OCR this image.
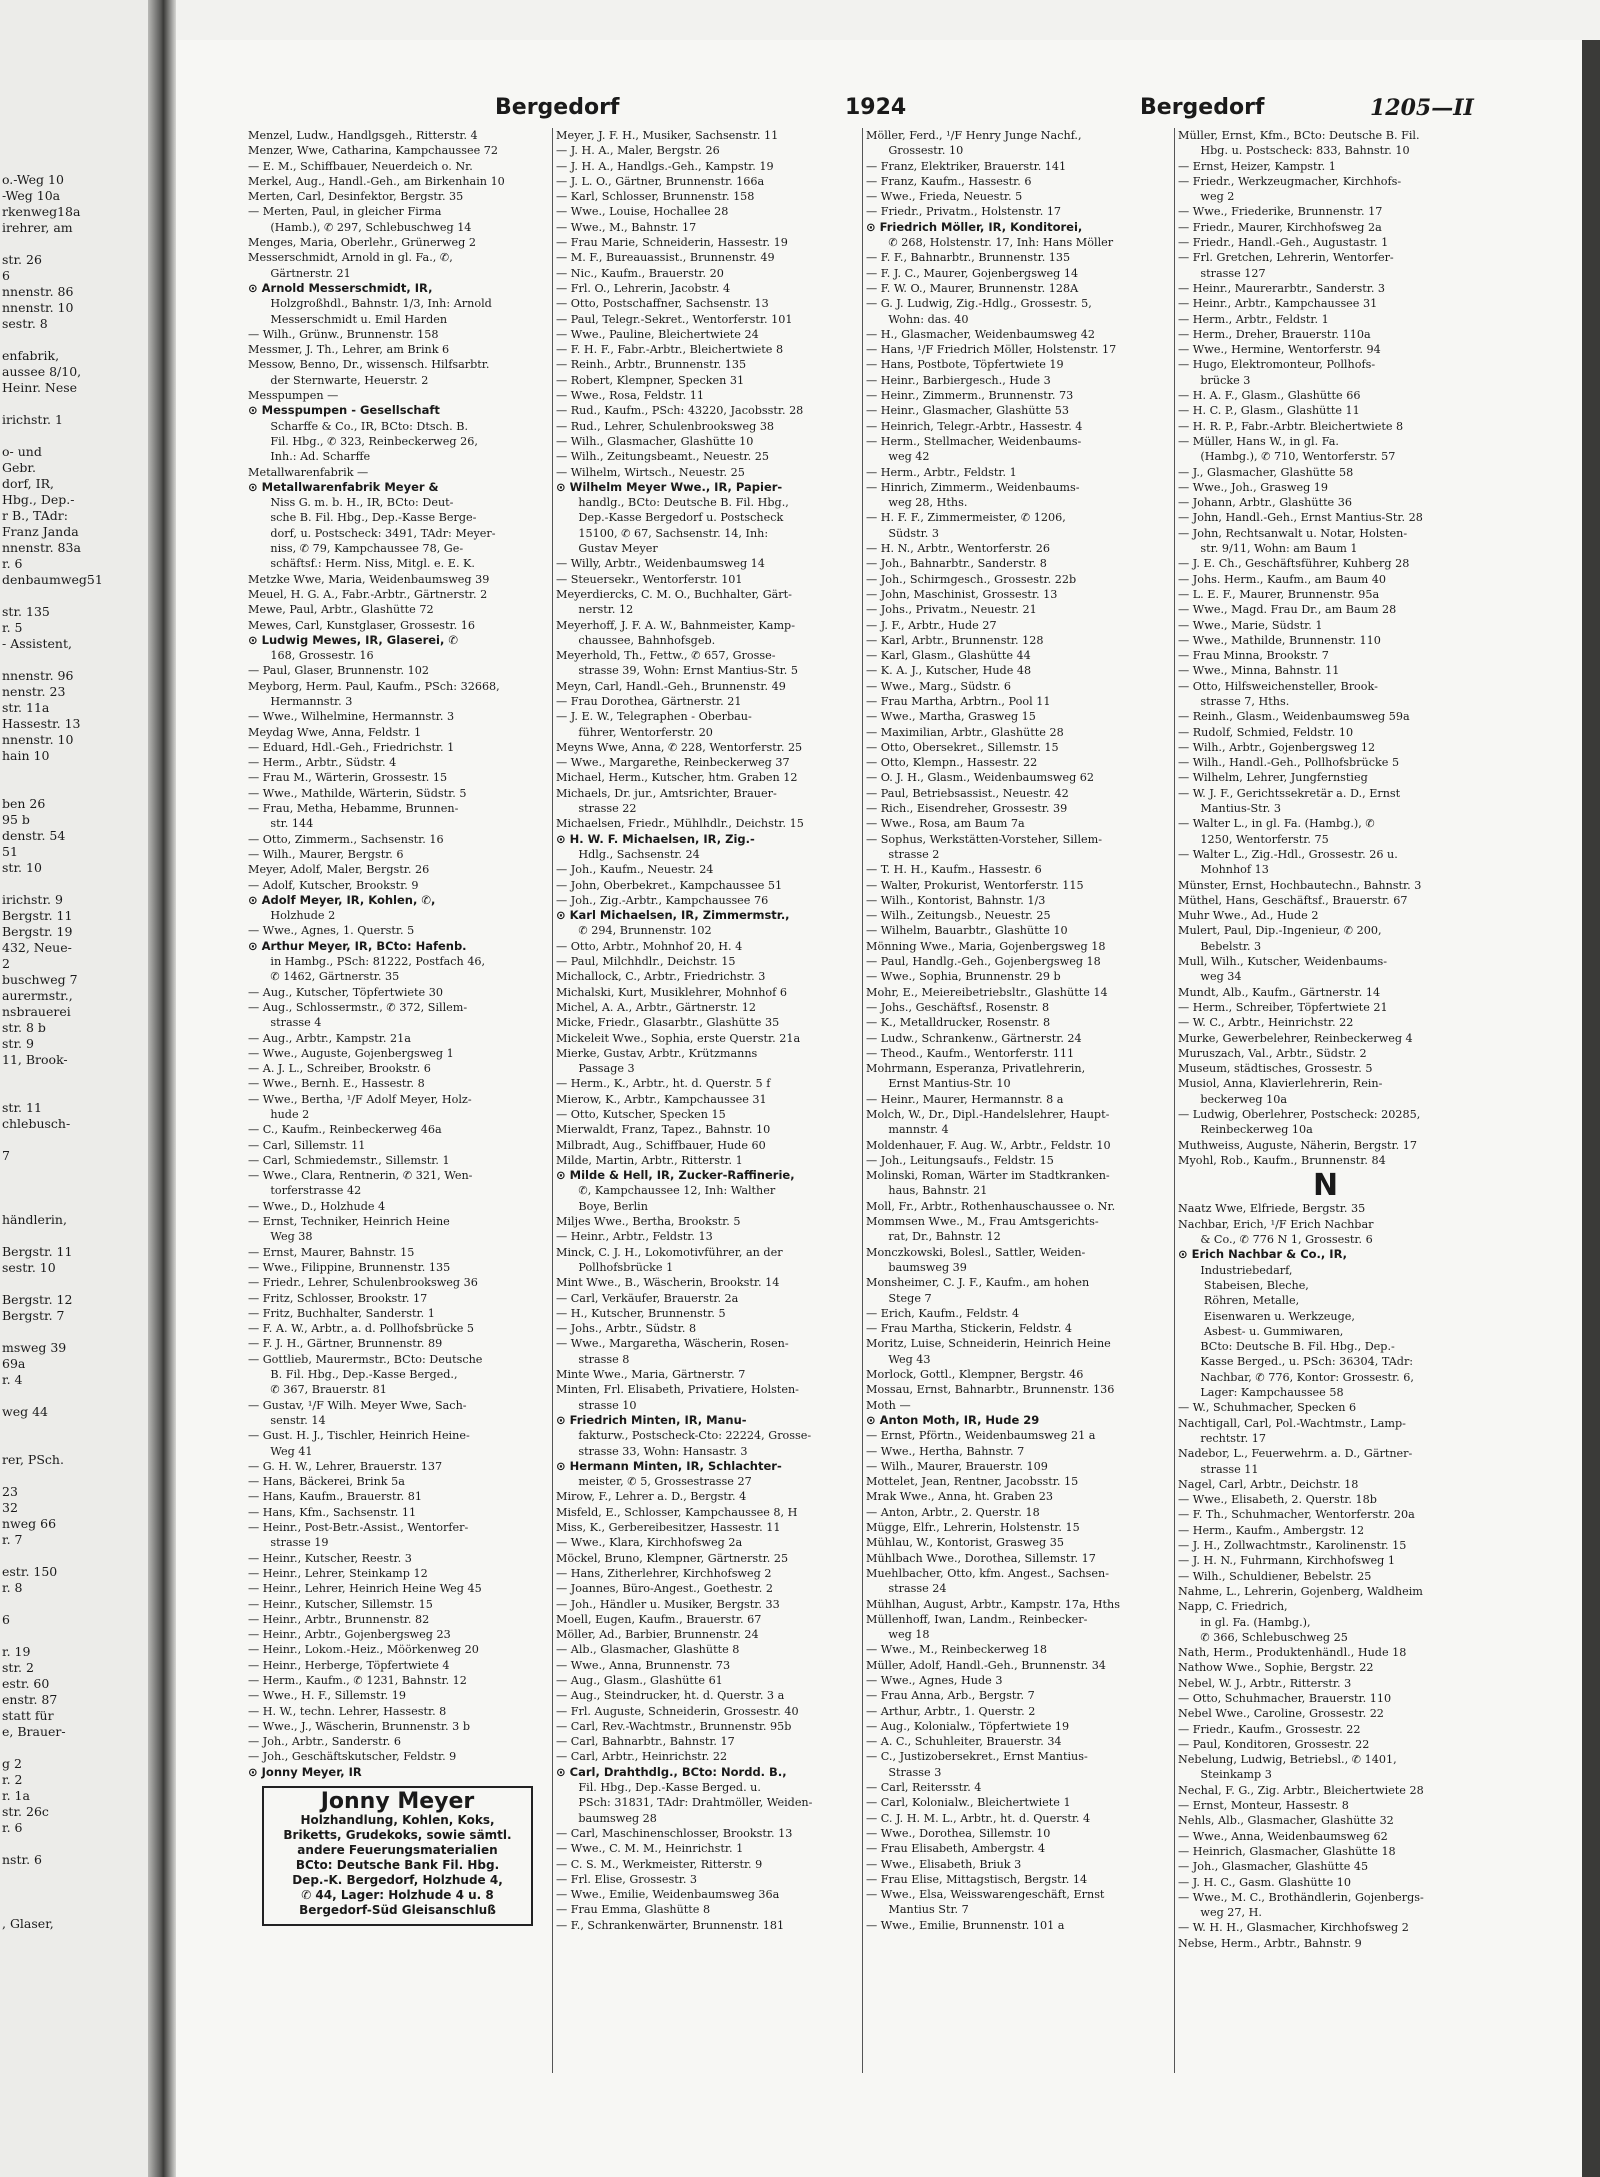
o.-Weg 10
-Weg 10a
rkenweg18a
irehrer, am

str. 26
6
nnenstr. 86
nnenstr. 10
sestr. 8

enfabrik,
aussee 8/10,
Heinr. Nese

irichstr. 1

o- und
Gebr.
dorf, IR,
Hbg., Dep.-
r B., TAdr:
Franz Janda
nnenstr. 83a
r. 6
denbaumweg51

str. 135
r. 5
- Assistent,

nnenstr. 96
nenstr. 23
str. 11a
Hassestr. 13
nnenstr. 10
hain 10

ben 26
95 b
denstr. 54
51
str. 10

irichstr. 9
Bergstr. 11
Bergstr. 19
432, Neue-
2
buschweg 7
aurermstr.,
nsbrauerei
str. 8 b
str. 9
11, Brook-

str. 11
chlebusch-

7

händlerin,

Bergstr. 11
sestr. 10

Bergstr. 12
Bergstr. 7

msweg 39
69a
r. 4

weg 44

rer, PSch.

23
32
nweg 66
r. 7

estr. 150
r. 8

6

r. 19
str. 2
estr. 60
enstr. 87
statt für
e, Brauer-

g 2
r. 2
r. 1a
str. 26c
r. 6

nstr. 6

, Glaser,
Bergedorf	1924	Bergedorf	1205—II
Menzel, Ludw., Handlgsgeh., Ritterstr. 4
Menzer, Wwe, Catharina, Kampchaussee 72
— E. M., Schiffbauer, Neuerdeich o. Nr.
Merkel, Aug., Handl.-Geh., am Birkenhain 10
Merten, Carl, Desinfektor, Bergstr. 35
— Merten, Paul, in gleicher Firma
  (Hamb.), ✆ 297, Schlebuschweg 14
Menges, Maria, Oberlehr., Grünerweg 2
Messerschmidt, Arnold in gl. Fa., ✆,
  Gärtnerstr. 21
⊙ Arnold Messerschmidt, IR,
  Holzgroßhdl., Bahnstr. 1/3, Inh: Arnold
  Messerschmidt u. Emil Harden
— Wilh., Grünw., Brunnenstr. 158
Messmer, J. Th., Lehrer, am Brink 6
Messow, Benno, Dr., wissensch. Hilfsarbtr.
  der Sternwarte, Heuerstr. 2
Messpumpen —
⊙ Messpumpen - Gesellschaft
  Scharffe & Co., IR, BCto: Dtsch. B.
  Fil. Hbg., ✆ 323, Reinbeckerweg 26,
  Inh.: Ad. Scharffe
Metallwarenfabrik —
⊙ Metallwarenfabrik Meyer &
  Niss G. m. b. H., IR, BCto: Deut-
  sche B. Fil. Hbg., Dep.-Kasse Berge-
  dorf, u. Postscheck: 3491, TAdr: Meyer-
  niss, ✆ 79, Kampchaussee 78, Ge-
  schäftsf.: Herm. Niss, Mitgl. e. E. K.
Metzke Wwe, Maria, Weidenbaumsweg 39
Meuel, H. G. A., Fabr.-Arbtr., Gärtnerstr. 2
Mewe, Paul, Arbtr., Glashütte 72
Mewes, Carl, Kunstglaser, Grossestr. 16
⊙ Ludwig Mewes, IR, Glaserei, ✆
  168, Grossestr. 16
— Paul, Glaser, Brunnenstr. 102
Meyborg, Herm. Paul, Kaufm., PSch: 32668,
  Hermannstr. 3
— Wwe., Wilhelmine, Hermannstr. 3
Meydag Wwe, Anna, Feldstr. 1
— Eduard, Hdl.-Geh., Friedrichstr. 1
— Herm., Arbtr., Südstr. 4
— Frau M., Wärterin, Grossestr. 15
— Wwe., Mathilde, Wärterin, Südstr. 5
— Frau, Metha, Hebamme, Brunnen-
  str. 144
— Otto, Zimmerm., Sachsenstr. 16
— Wilh., Maurer, Bergstr. 6
Meyer, Adolf, Maler, Bergstr. 26
— Adolf, Kutscher, Brookstr. 9
⊙ Adolf Meyer, IR, Kohlen, ✆,
  Holzhude 2
— Wwe., Agnes, 1. Querstr. 5
⊙ Arthur Meyer, IR, BCto: Hafenb.
  in Hambg., PSch: 81222, Postfach 46,
  ✆ 1462, Gärtnerstr. 35
— Aug., Kutscher, Töpfertwiete 30
— Aug., Schlossermstr., ✆ 372, Sillem-
  strasse 4
— Aug., Arbtr., Kampstr. 21a
— Wwe., Auguste, Gojenbergsweg 1
— A. J. L., Schreiber, Brookstr. 6
— Wwe., Bernh. E., Hassestr. 8
— Wwe., Bertha, ¹/F Adolf Meyer, Holz-
  hude 2
— C., Kaufm., Reinbeckerweg 46a
— Carl, Sillemstr. 11
— Carl, Schmiedemstr., Sillemstr. 1
— Wwe., Clara, Rentnerin, ✆ 321, Wen-
  torferstrasse 42
— Wwe., D., Holzhude 4
— Ernst, Techniker, Heinrich Heine
  Weg 38
— Ernst, Maurer, Bahnstr. 15
— Wwe., Filippine, Brunnenstr. 135
— Friedr., Lehrer, Schulenbrooksweg 36
— Fritz, Schlosser, Brookstr. 17
— Fritz, Buchhalter, Sanderstr. 1
— F. A. W., Arbtr., a. d. Pollhofsbrücke 5
— F. J. H., Gärtner, Brunnenstr. 89
— Gottlieb, Maurermstr., BCto: Deutsche
  B. Fil. Hbg., Dep.-Kasse Berged.,
  ✆ 367, Brauerstr. 81
— Gustav, ¹/F Wilh. Meyer Wwe, Sach-
  senstr. 14
— Gust. H. J., Tischler, Heinrich Heine-
  Weg 41
— G. H. W., Lehrer, Brauerstr. 137
— Hans, Bäckerei, Brink 5a
— Hans, Kaufm., Brauerstr. 81
— Hans, Kfm., Sachsenstr. 11
— Heinr., Post-Betr.-Assist., Wentorfer-
  strasse 19
— Heinr., Kutscher, Reestr. 3
— Heinr., Lehrer, Steinkamp 12
— Heinr., Lehrer, Heinrich Heine Weg 45
— Heinr., Kutscher, Sillemstr. 15
— Heinr., Arbtr., Brunnenstr. 82
— Heinr., Arbtr., Gojenbergsweg 23
— Heinr., Lokom.-Heiz., Möörkenweg 20
— Heinr., Herberge, Töpfertwiete 4
— Herm., Kaufm., ✆ 1231, Bahnstr. 12
— Wwe., H. F., Sillemstr. 19
— H. W., techn. Lehrer, Hassestr. 8
— Wwe., J., Wäscherin, Brunnenstr. 3 b
— Joh., Arbtr., Sanderstr. 6
— Joh., Geschäftskutscher, Feldstr. 9
⊙ Jonny Meyer, IR
Jonny Meyer
Holzhandlung, Kohlen, Koks,
Briketts, Grudekoks, sowie sämtl.
andere Feuerungsmaterialien
BCto: Deutsche Bank Fil. Hbg.
Dep.-K. Bergedorf, Holzhude 4,
✆ 44, Lager: Holzhude 4 u. 8
Bergedorf-Süd Gleisanschluß
Meyer, J. F. H., Musiker, Sachsenstr. 11
— J. H. A., Maler, Bergstr. 26
— J. H. A., Handlgs.-Geh., Kampstr. 19
— J. L. O., Gärtner, Brunnenstr. 166a
— Karl, Schlosser, Brunnenstr. 158
— Wwe., Louise, Hochallee 28
— Wwe., M., Bahnstr. 17
— Frau Marie, Schneiderin, Hassestr. 19
— M. F., Bureauassist., Brunnenstr. 49
— Nic., Kaufm., Brauerstr. 20
— Frl. O., Lehrerin, Jacobstr. 4
— Otto, Postschaffner, Sachsenstr. 13
— Paul, Telegr.-Sekret., Wentorferstr. 101
— Wwe., Pauline, Bleichertwiete 24
— F. H. F., Fabr.-Arbtr., Bleichertwiete 8
— Reinh., Arbtr., Brunnenstr. 135
— Robert, Klempner, Specken 31
— Wwe., Rosa, Feldstr. 11
— Rud., Kaufm., PSch: 43220, Jacobsstr. 28
— Rud., Lehrer, Schulenbrooksweg 38
— Wilh., Glasmacher, Glashütte 10
— Wilh., Zeitungsbeamt., Neuestr. 25
— Wilhelm, Wirtsch., Neuestr. 25
⊙ Wilhelm Meyer Wwe., IR, Papier-
  handlg., BCto: Deutsche B. Fil. Hbg.,
  Dep.-Kasse Bergedorf u. Postscheck
  15100, ✆ 67, Sachsenstr. 14, Inh:
  Gustav Meyer
— Willy, Arbtr., Weidenbaumsweg 14
— Steuersekr., Wentorferstr. 101
Meyerdiercks, C. M. O., Buchhalter, Gärt-
  nerstr. 12
Meyerhoff, J. F. A. W., Bahnmeister, Kamp-
  chaussee, Bahnhofsgeb.
Meyerhold, Th., Fettw., ✆ 657, Grosse-
  strasse 39, Wohn: Ernst Mantius-Str. 5
Meyn, Carl, Handl.-Geh., Brunnenstr. 49
— Frau Dorothea, Gärtnerstr. 21
— J. E. W., Telegraphen - Oberbau-
  führer, Wentorferstr. 20
Meyns Wwe, Anna, ✆ 228, Wentorferstr. 25
— Wwe., Margarethe, Reinbeckerweg 37
Michael, Herm., Kutscher, htm. Graben 12
Michaels, Dr. jur., Amtsrichter, Brauer-
  strasse 22
Michaelsen, Friedr., Mühlhdlr., Deichstr. 15
⊙ H. W. F. Michaelsen, IR, Zig.-
  Hdlg., Sachsenstr. 24
— Joh., Kaufm., Neuestr. 24
— John, Oberbekret., Kampchaussee 51
— Joh., Zig.-Arbtr., Kampchaussee 76
⊙ Karl Michaelsen, IR, Zimmermstr.,
  ✆ 294, Brunnenstr. 102
— Otto, Arbtr., Mohnhof 20, H. 4
— Paul, Milchhdlr., Deichstr. 15
Michallock, C., Arbtr., Friedrichstr. 3
Michalski, Kurt, Musiklehrer, Mohnhof 6
Michel, A. A., Arbtr., Gärtnerstr. 12
Micke, Friedr., Glasarbtr., Glashütte 35
Mickeleit Wwe., Sophia, erste Querstr. 21a
Mierke, Gustav, Arbtr., Krützmanns
  Passage 3
— Herm., K., Arbtr., ht. d. Querstr. 5 f
Mierow, K., Arbtr., Kampchaussee 31
— Otto, Kutscher, Specken 15
Mierwaldt, Franz, Tapez., Bahnstr. 10
Milbradt, Aug., Schiffbauer, Hude 60
Milde, Martin, Arbtr., Ritterstr. 1
⊙ Milde & Hell, IR, Zucker-Raffinerie,
  ✆, Kampchaussee 12, Inh: Walther
  Boye, Berlin
Miljes Wwe., Bertha, Brookstr. 5
— Heinr., Arbtr., Feldstr. 13
Minck, C. J. H., Lokomotivführer, an der
  Pollhofsbrücke 1
Mint Wwe., B., Wäscherin, Brookstr. 14
— Carl, Verkäufer, Brauerstr. 2a
— H., Kutscher, Brunnenstr. 5
— Johs., Arbtr., Südstr. 8
— Wwe., Margaretha, Wäscherin, Rosen-
  strasse 8
Minte Wwe., Maria, Gärtnerstr. 7
Minten, Frl. Elisabeth, Privatiere, Holsten-
  strasse 10
⊙ Friedrich Minten, IR, Manu-
  fakturw., Postscheck-Cto: 22224, Grosse-
  strasse 33, Wohn: Hansastr. 3
⊙ Hermann Minten, IR, Schlachter-
  meister, ✆ 5, Grossestrasse 27
Mirow, F., Lehrer a. D., Bergstr. 4
Misfeld, E., Schlosser, Kampchaussee 8, H
Miss, K., Gerbereibesitzer, Hassestr. 11
— Wwe., Klara, Kirchhofsweg 2a
Möckel, Bruno, Klempner, Gärtnerstr. 25
— Hans, Zitherlehrer, Kirchhofsweg 2
— Joannes, Büro-Angest., Goethestr. 2
— Joh., Händler u. Musiker, Bergstr. 33
Moell, Eugen, Kaufm., Brauerstr. 67
Möller, Ad., Barbier, Brunnenstr. 24
— Alb., Glasmacher, Glashütte 8
— Wwe., Anna, Brunnenstr. 73
— Aug., Glasm., Glashütte 61
— Aug., Steindrucker, ht. d. Querstr. 3 a
— Frl. Auguste, Schneiderin, Grossestr. 40
— Carl, Rev.-Wachtmstr., Brunnenstr. 95b
— Carl, Bahnarbtr., Bahnstr. 17
— Carl, Arbtr., Heinrichstr. 22
⊙ Carl, Drahthdlg., BCto: Nordd. B.,
  Fil. Hbg., Dep.-Kasse Berged. u.
  PSch: 31831, TAdr: Drahtmöller, Weiden-
  baumsweg 28
— Carl, Maschinenschlosser, Brookstr. 13
— Wwe., C. M. M., Heinrichstr. 1
— C. S. M., Werkmeister, Ritterstr. 9
— Frl. Elise, Grossestr. 3
— Wwe., Emilie, Weidenbaumsweg 36a
— Frau Emma, Glashütte 8
— F., Schrankenwärter, Brunnenstr. 181
Möller, Ferd., ¹/F Henry Junge Nachf.,
  Grossestr. 10
— Franz, Elektriker, Brauerstr. 141
— Franz, Kaufm., Hassestr. 6
— Wwe., Frieda, Neuestr. 5
— Friedr., Privatm., Holstenstr. 17
⊙ Friedrich Möller, IR, Konditorei,
  ✆ 268, Holstenstr. 17, Inh: Hans Möller
— F. F., Bahnarbtr., Brunnenstr. 135
— F. J. C., Maurer, Gojenbergsweg 14
— F. W. O., Maurer, Brunnenstr. 128A
— G. J. Ludwig, Zig.-Hdlg., Grossestr. 5,
  Wohn: das. 40
— H., Glasmacher, Weidenbaumsweg 42
— Hans, ¹/F Friedrich Möller, Holstenstr. 17
— Hans, Postbote, Töpfertwiete 19
— Heinr., Barbiergesch., Hude 3
— Heinr., Zimmerm., Brunnenstr. 73
— Heinr., Glasmacher, Glashütte 53
— Heinrich, Telegr.-Arbtr., Hassestr. 4
— Herm., Stellmacher, Weidenbaums-
  weg 42
— Herm., Arbtr., Feldstr. 1
— Hinrich, Zimmerm., Weidenbaums-
  weg 28, Hths.
— H. F. F., Zimmermeister, ✆ 1206,
  Südstr. 3
— H. N., Arbtr., Wentorferstr. 26
— Joh., Bahnarbtr., Sanderstr. 8
— Joh., Schirmgesch., Grossestr. 22b
— John, Maschinist, Grossestr. 13
— Johs., Privatm., Neuestr. 21
— J. F., Arbtr., Hude 27
— Karl, Arbtr., Brunnenstr. 128
— Karl, Glasm., Glashütte 44
— K. A. J., Kutscher, Hude 48
— Wwe., Marg., Südstr. 6
— Frau Martha, Arbtrn., Pool 11
— Wwe., Martha, Grasweg 15
— Maximilian, Arbtr., Glashütte 28
— Otto, Obersekret., Sillemstr. 15
— Otto, Klempn., Hassestr. 22
— O. J. H., Glasm., Weidenbaumsweg 62
— Paul, Betriebsassist., Neuestr. 42
— Rich., Eisendreher, Grossestr. 39
— Wwe., Rosa, am Baum 7a
— Sophus, Werkstätten-Vorsteher, Sillem-
  strasse 2
— T. H. H., Kaufm., Hassestr. 6
— Walter, Prokurist, Wentorferstr. 115
— Wilh., Kontorist, Bahnstr. 1/3
— Wilh., Zeitungsb., Neuestr. 25
— Wilhelm, Bauarbtr., Glashütte 10
Mönning Wwe., Maria, Gojenbergsweg 18
— Paul, Handlg.-Geh., Gojenbergsweg 18
— Wwe., Sophia, Brunnenstr. 29 b
Mohr, E., Meiereibetriebsltr., Glashütte 14
— Johs., Geschäftsf., Rosenstr. 8
— K., Metalldrucker, Rosenstr. 8
— Ludw., Schrankenw., Gärtnerstr. 24
— Theod., Kaufm., Wentorferstr. 111
Mohrmann, Esperanza, Privatlehrerin,
  Ernst Mantius-Str. 10
— Heinr., Maurer, Hermannstr. 8 a
Molch, W., Dr., Dipl.-Handelslehrer, Haupt-
  mannstr. 4
Moldenhauer, F. Aug. W., Arbtr., Feldstr. 10
— Joh., Leitungsaufs., Feldstr. 15
Molinski, Roman, Wärter im Stadtkranken-
  haus, Bahnstr. 21
Moll, Fr., Arbtr., Rothenhauschaussee o. Nr.
Mommsen Wwe., M., Frau Amtsgerichts-
  rat, Dr., Bahnstr. 12
Monczkowski, Bolesl., Sattler, Weiden-
  baumsweg 39
Monsheimer, C. J. F., Kaufm., am hohen
  Stege 7
— Erich, Kaufm., Feldstr. 4
— Frau Martha, Stickerin, Feldstr. 4
Moritz, Luise, Schneiderin, Heinrich Heine
  Weg 43
Morlock, Gottl., Klempner, Bergstr. 46
Mossau, Ernst, Bahnarbtr., Brunnenstr. 136
Moth —
⊙ Anton Moth, IR, Hude 29
— Ernst, Pförtn., Weidenbaumsweg 21 a
— Wwe., Hertha, Bahnstr. 7
— Wilh., Maurer, Brauerstr. 109
Mottelet, Jean, Rentner, Jacobsstr. 15
Mrak Wwe., Anna, ht. Graben 23
— Anton, Arbtr., 2. Querstr. 18
Mügge, Elfr., Lehrerin, Holstenstr. 15
Mühlau, W., Kontorist, Grasweg 35
Mühlbach Wwe., Dorothea, Sillemstr. 17
Muehlbacher, Otto, kfm. Angest., Sachsen-
  strasse 24
Mühlhan, August, Arbtr., Kampstr. 17a, Hths
Müllenhoff, Iwan, Landm., Reinbecker-
  weg 18
— Wwe., M., Reinbeckerweg 18
Müller, Adolf, Handl.-Geh., Brunnenstr. 34
— Wwe., Agnes, Hude 3
— Frau Anna, Arb., Bergstr. 7
— Arthur, Arbtr., 1. Querstr. 2
— Aug., Kolonialw., Töpfertwiete 19
— A. C., Schuhleiter, Brauerstr. 34
— C., Justizobersekret., Ernst Mantius-
  Strasse 3
— Carl, Reitersstr. 4
— Carl, Kolonialw., Bleichertwiete 1
— C. J. H. M. L., Arbtr., ht. d. Querstr. 4
— Wwe., Dorothea, Sillemstr. 10
— Frau Elisabeth, Ambergstr. 4
— Wwe., Elisabeth, Briuk 3
— Frau Elise, Mittagstisch, Bergstr. 14
— Wwe., Elsa, Weisswarengeschäft, Ernst
  Mantius Str. 7
— Wwe., Emilie, Brunnenstr. 101 a
Müller, Ernst, Kfm., BCto: Deutsche B. Fil.
  Hbg. u. Postscheck: 833, Bahnstr. 10
— Ernst, Heizer, Kampstr. 1
— Friedr., Werkzeugmacher, Kirchhofs-
  weg 2
— Wwe., Friederike, Brunnenstr. 17
— Friedr., Maurer, Kirchhofsweg 2a
— Friedr., Handl.-Geh., Augustastr. 1
— Frl. Gretchen, Lehrerin, Wentorfer-
  strasse 127
— Heinr., Maurerarbtr., Sanderstr. 3
— Heinr., Arbtr., Kampchaussee 31
— Herm., Arbtr., Feldstr. 1
— Herm., Dreher, Brauerstr. 110a
— Wwe., Hermine, Wentorferstr. 94
— Hugo, Elektromonteur, Pollhofs-
  brücke 3
— H. A. F., Glasm., Glashütte 66
— H. C. P., Glasm., Glashütte 11
— H. R. P., Fabr.-Arbtr. Bleichertwiete 8
— Müller, Hans W., in gl. Fa.
  (Hambg.), ✆ 710, Wentorferstr. 57
— J., Glasmacher, Glashütte 58
— Wwe., Joh., Grasweg 19
— Johann, Arbtr., Glashütte 36
— John, Handl.-Geh., Ernst Mantius-Str. 28
— John, Rechtsanwalt u. Notar, Holsten-
  str. 9/11, Wohn: am Baum 1
— J. E. Ch., Geschäftsführer, Kuhberg 28
— Johs. Herm., Kaufm., am Baum 40
— L. E. F., Maurer, Brunnenstr. 95a
— Wwe., Magd. Frau Dr., am Baum 28
— Wwe., Marie, Südstr. 1
— Wwe., Mathilde, Brunnenstr. 110
— Frau Minna, Brookstr. 7
— Wwe., Minna, Bahnstr. 11
— Otto, Hilfsweichensteller, Brook-
  strasse 7, Hths.
— Reinh., Glasm., Weidenbaumsweg 59a
— Rudolf, Schmied, Feldstr. 10
— Wilh., Arbtr., Gojenbergsweg 12
— Wilh., Handl.-Geh., Pollhofsbrücke 5
— Wilhelm, Lehrer, Jungfernstieg
— W. J. F., Gerichtssekretär a. D., Ernst
  Mantius-Str. 3
— Walter L., in gl. Fa. (Hambg.), ✆
  1250, Wentorferstr. 75
— Walter L., Zig.-Hdl., Grossestr. 26 u.
  Mohnhof 13
Münster, Ernst, Hochbautechn., Bahnstr. 3
Müthel, Hans, Geschäftsf., Brauerstr. 67
Muhr Wwe., Ad., Hude 2
Mulert, Paul, Dip.-Ingenieur, ✆ 200,
  Bebelstr. 3
Mull, Wilh., Kutscher, Weidenbaums-
  weg 34
Mundt, Alb., Kaufm., Gärtnerstr. 14
— Herm., Schreiber, Töpfertwiete 21
— W. C., Arbtr., Heinrichstr. 22
Murke, Gewerbelehrer, Reinbeckerweg 4
Muruszach, Val., Arbtr., Südstr. 2
Museum, städtisches, Grossestr. 5
Musiol, Anna, Klavierlehrerin, Rein-
  beckerweg 10a
— Ludwig, Oberlehrer, Postscheck: 20285,
  Reinbeckerweg 10a
Muthweiss, Auguste, Näherin, Bergstr. 17
Myohl, Rob., Kaufm., Brunnenstr. 84
N
Naatz Wwe, Elfriede, Bergstr. 35
Nachbar, Erich, ¹/F Erich Nachbar
  & Co., ✆ 776 N 1, Grossestr. 6
⊙ Erich Nachbar & Co., IR,
  Industriebedarf,
   Stabeisen, Bleche,
   Röhren, Metalle,
   Eisenwaren u. Werkzeuge,
   Asbest- u. Gummiwaren,
  BCto: Deutsche B. Fil. Hbg., Dep.-
  Kasse Berged., u. PSch: 36304, TAdr:
  Nachbar, ✆ 776, Kontor: Grossestr. 6,
  Lager: Kampchaussee 58
— W., Schuhmacher, Specken 6
Nachtigall, Carl, Pol.-Wachtmstr., Lamp-
  rechtstr. 17
Nadebor, L., Feuerwehrm. a. D., Gärtner-
  strasse 11
Nagel, Carl, Arbtr., Deichstr. 18
— Wwe., Elisabeth, 2. Querstr. 18b
— F. Th., Schuhmacher, Wentorferstr. 20a
— Herm., Kaufm., Ambergstr. 12
— J. H., Zollwachtmstr., Karolinenstr. 15
— J. H. N., Fuhrmann, Kirchhofsweg 1
— Wilh., Schuldiener, Bebelstr. 25
Nahme, L., Lehrerin, Gojenberg, Waldheim
Napp, C. Friedrich,
  in gl. Fa. (Hambg.),
  ✆ 366, Schlebuschweg 25
Nath, Herm., Produktenhändl., Hude 18
Nathow Wwe., Sophie, Bergstr. 22
Nebel, W. J., Arbtr., Ritterstr. 3
— Otto, Schuhmacher, Brauerstr. 110
Nebel Wwe., Caroline, Grossestr. 22
— Friedr., Kaufm., Grossestr. 22
— Paul, Konditoren, Grossestr. 22
Nebelung, Ludwig, Betriebsl., ✆ 1401,
  Steinkamp 3
Nechal, F. G., Zig. Arbtr., Bleichertwiete 28
— Ernst, Monteur, Hassestr. 8
Nehls, Alb., Glasmacher, Glashütte 32
— Wwe., Anna, Weidenbaumsweg 62
— Heinrich, Glasmacher, Glashütte 18
— Joh., Glasmacher, Glashütte 45
— J. H. C., Gasm. Glashütte 10
— Wwe., M. C., Brothändlerin, Gojenbergs-
  weg 27, H.
— W. H. H., Glasmacher, Kirchhofsweg 2
Nebse, Herm., Arbtr., Bahnstr. 9
